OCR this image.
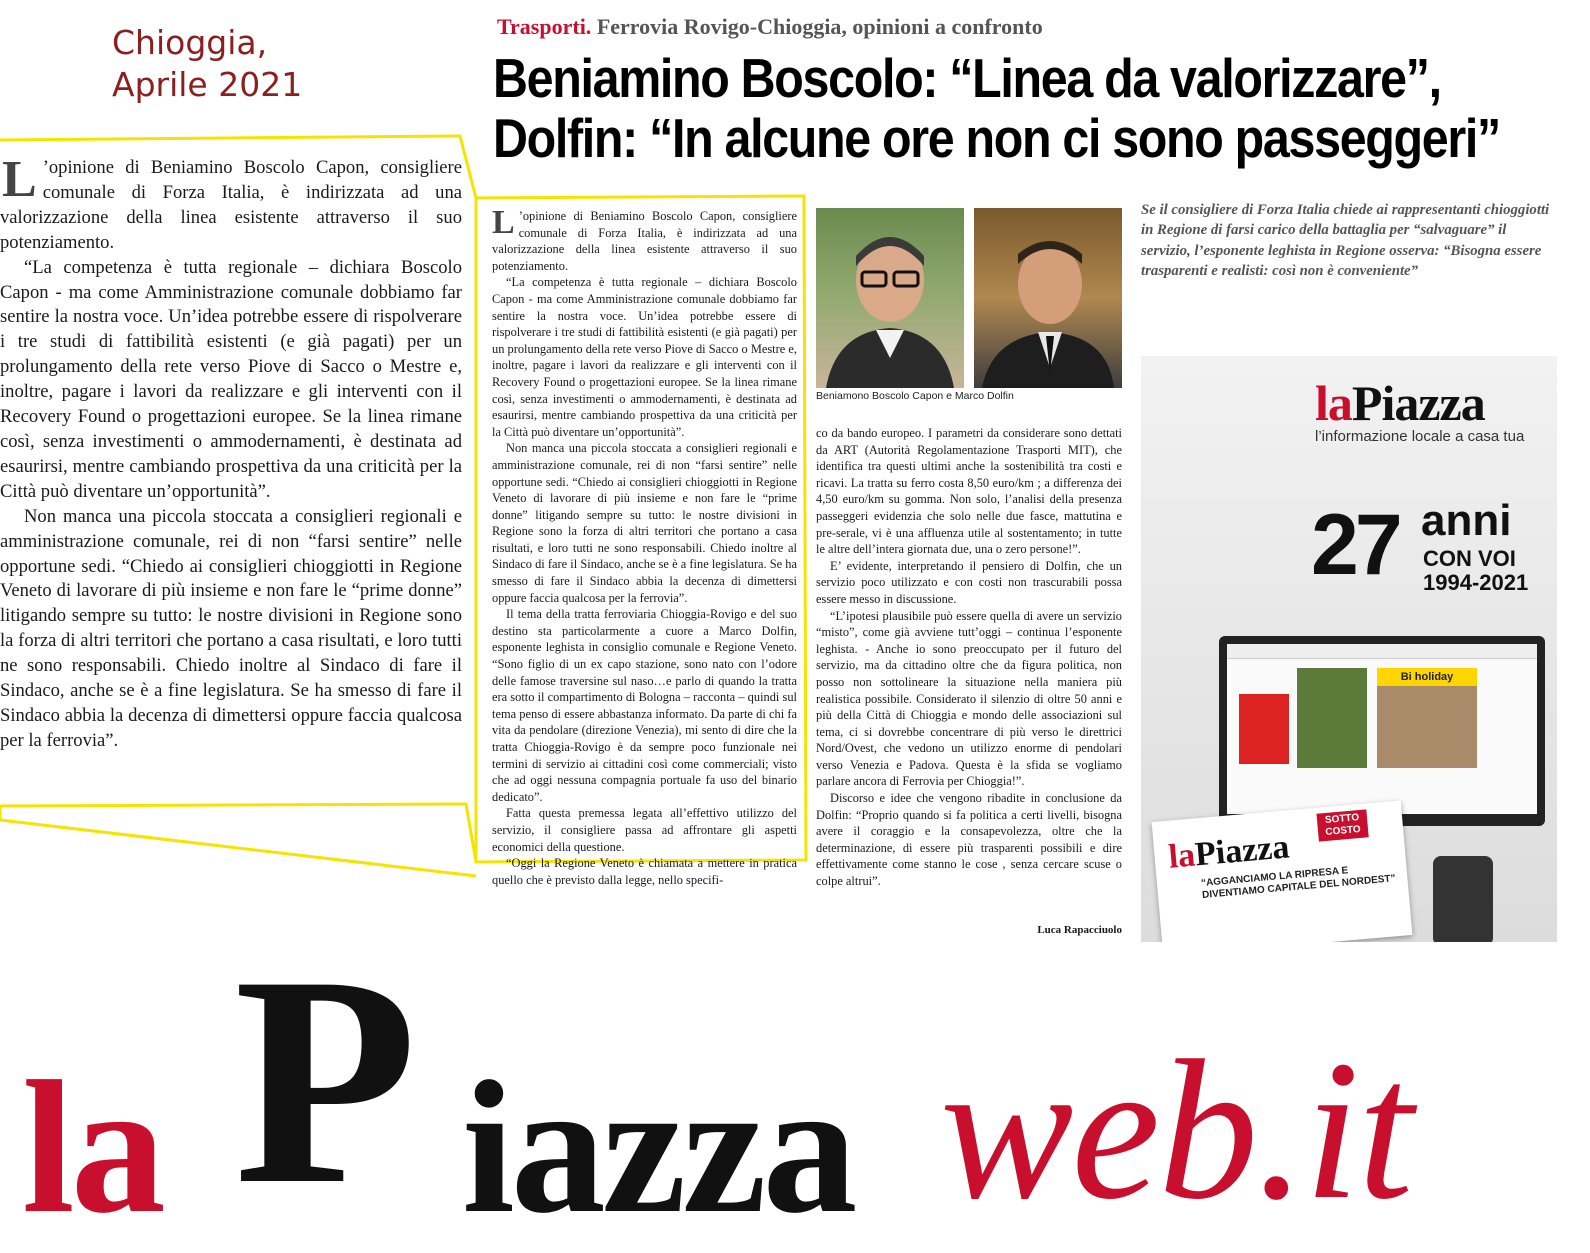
Chioggia,
Aprile 2021
Trasporti. Ferrovia Rovigo-Chioggia, opinioni a confronto
Beniamino Boscolo: “Linea da valorizzare”,
Dolfin: “In alcune ore non ci sono passeggeri”

L ’opinione di Beniamino Boscolo Capon, consigliere comunale di Forza Italia, è indirizzata ad una valorizzazione della linea esistente attraverso il suo potenziamento.

“La competenza è tutta regionale – dichiara Boscolo Capon - ma come Amministrazione comunale dobbiamo far sentire la nostra voce. Un’idea potrebbe essere di rispolverare i tre studi di fattibilità esistenti (e già pagati) per un prolungamento della rete verso Piove di Sacco o Mestre e, inoltre, pagare i lavori da realizzare e gli interventi con il Recovery Found o progettazioni europee. Se la linea rimane così, senza investimenti o ammodernamenti, è destinata ad esaurirsi, mentre cambiando prospettiva da una criticità per la Città può diventare un’opportunità”.

Non manca una piccola stoccata a consiglieri regionali e amministrazione comunale, rei di non “farsi sentire” nelle opportune sedi. “Chiedo ai consiglieri chioggiotti in Regione Veneto di lavorare di più insieme e non fare le “prime donne” litigando sempre su tutto: le nostre divisioni in Regione sono la forza di altri territori che portano a casa risultati, e loro tutti ne sono responsabili. Chiedo inoltre al Sindaco di fare il Sindaco, anche se è a fine legislatura. Se ha smesso di fare il Sindaco abbia la decenza di dimettersi oppure faccia qualcosa per la ferrovia”.

L ’opinione di Beniamino Boscolo Capon, consigliere comunale di Forza Italia, è indirizzata ad una valorizzazione della linea esistente attraverso il suo potenziamento.

“La competenza è tutta regionale – dichiara Boscolo Capon - ma come Amministrazione comunale dobbiamo far sentire la nostra voce. Un’idea potrebbe essere di rispolverare i tre studi di fattibilità esistenti (e già pagati) per un prolungamento della rete verso Piove di Sacco o Mestre e, inoltre, pagare i lavori da realizzare e gli interventi con il Recovery Found o progettazioni europee. Se la linea rimane così, senza investimenti o ammodernamenti, è destinata ad esaurirsi, mentre cambiando prospettiva da una criticità per la Città può diventare un’opportunità”.

Non manca una piccola stoccata a consiglieri regionali e amministrazione comunale, rei di non “farsi sentire” nelle opportune sedi. “Chiedo ai consiglieri chioggiotti in Regione Veneto di lavorare di più insieme e non fare le “prime donne” litigando sempre su tutto: le nostre divisioni in Regione sono la forza di altri territori che portano a casa risultati, e loro tutti ne sono responsabili. Chiedo inoltre al Sindaco di fare il Sindaco, anche se è a fine legislatura. Se ha smesso di fare il Sindaco abbia la decenza di dimettersi oppure faccia qualcosa per la ferrovia”.

Il tema della tratta ferroviaria Chioggia-Rovigo e del suo destino sta particolarmente a cuore a Marco Dolfin, esponente leghista in consiglio comunale e Regione Veneto. “Sono figlio di un ex capo stazione, sono nato con l’odore delle famose traversine sul naso…e parlo di quando la tratta era sotto il compartimento di Bologna – racconta – quindi sul tema penso di essere abbastanza informato. Da parte di chi fa vita da pendolare (direzione Venezia), mi sento di dire che la tratta Chioggia-Rovigo è da sempre poco funzionale nei termini di servizio ai cittadini così come commerciali; visto che ad oggi nessuna compagnia portuale fa uso del binario dedicato”.

Fatta questa premessa legata all’effettivo utilizzo del servizio, il consigliere passa ad affrontare gli aspetti economici della questione.

“Oggi la Regione Veneto è chiamata a mettere in pratica quello che è previsto dalla legge, nello specifi-

Beniamono Boscolo Capon e Marco Dolfin

co da bando europeo. I parametri da considerare sono dettati da ART (Autorità Regolamentazione Trasporti MIT), che identifica tra questi ultimi anche la sostenibilità tra costi e ricavi. La tratta su ferro costa 8,50 euro/km ; a differenza dei 4,50 euro/km su gomma. Non solo, l’analisi della presenza passeggeri evidenzia che solo nelle due fasce, mattutina e pre-serale, vi è una affluenza utile al sostentamento; in tutte le altre dell’intera giornata due, una o zero persone!”.

E’ evidente, interpretando il pensiero di Dolfin, che un servizio poco utilizzato e con costi non trascurabili possa essere messo in discussione.

“L’ipotesi plausibile può essere quella di avere un servizio “misto”, come già avviene tutt’oggi – continua l’esponente leghista. - Anche io sono preoccupato per il futuro del servizio, ma da cittadino oltre che da figura politica, non posso non sottolineare la situazione nella maniera più realistica possibile. Considerato il silenzio di oltre 50 anni e più della Città di Chioggia e mondo delle associazioni sul tema, ci si dovrebbe concentrare di più verso le direttrici Nord/Ovest, che vedono un utilizzo enorme di pendolari verso Venezia e Padova. Questa è la sfida se vogliamo parlare ancora di Ferrovia per Chioggia!”.

Discorso e idee che vengono ribadite in conclusione da Dolfin: “Proprio quando si fa politica a certi livelli, bisogna avere il coraggio e la consapevolezza, oltre che la determinazione, di essere più trasparenti possibili e dire effettivamente come stanno le cose , senza cercare scuse o colpe altrui”.

Luca Rapacciuolo
Se il consigliere di Forza Italia chiede ai rappresentanti chioggiotti in Regione di farsi carico della battaglia per “salvaguare” il servizio, l’esponente leghista in Regione osserva: “Bisogna essere trasparenti e realisti: così non è conveniente”
laPiazza
l’informazione locale a casa tua
27 anni
CON VOI
1994-2021
Bi holiday
laPiazza
SOTTO COSTO
“AGGANCIAMO LA RIPRESA E DIVENTIAMO CAPITALE DEL NORDEST”
la P iazza web.it
